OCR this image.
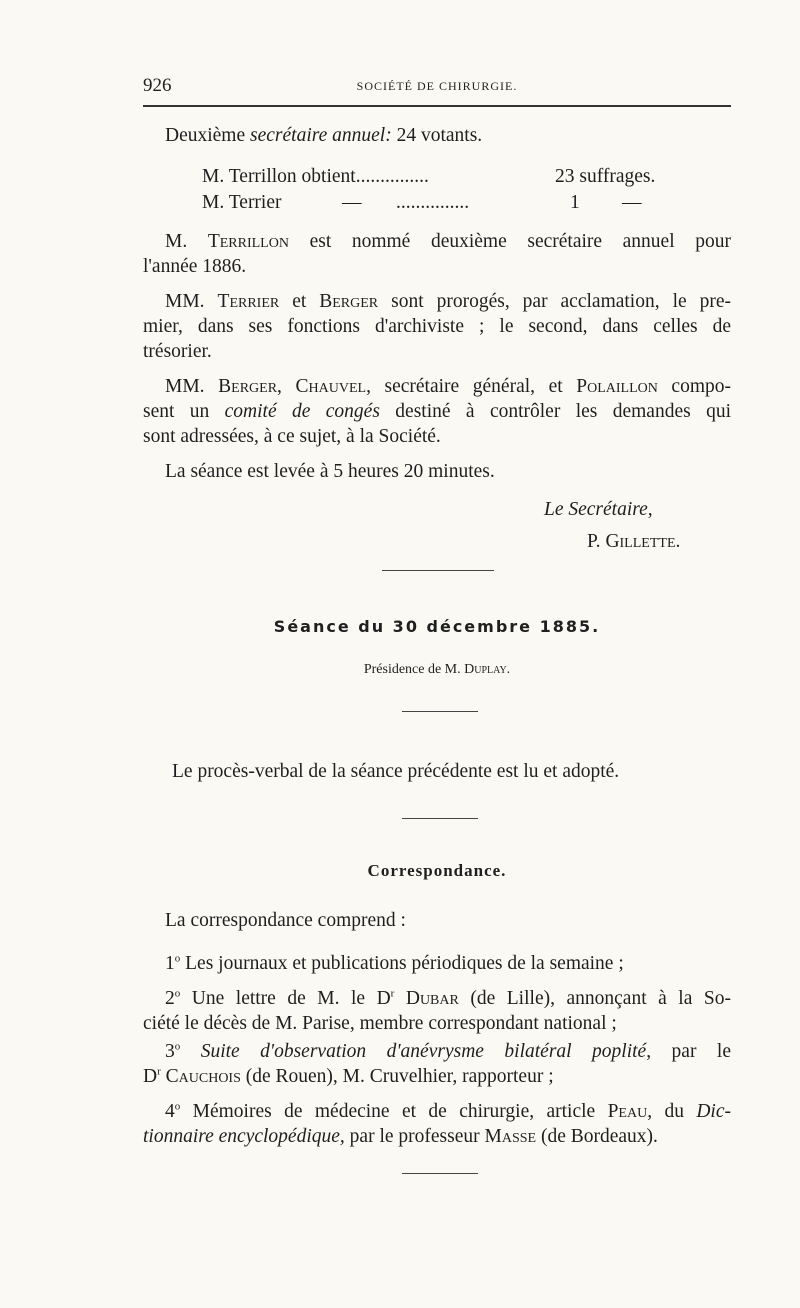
926	SOCIÉTÉ DE CHIRURGIE.
Deuxième secrétaire annuel: 24 votants.
M. Terrillon obtient...............	23 suffrages.
M. Terrier	— ...............	1 —
M. Terrillon est nommé deuxième secrétaire annuel pour
l'année 1886.
MM. Terrier et Berger sont prorogés, par acclamation, le pre-
mier, dans ses fonctions d'archiviste ; le second, dans celles de
trésorier.
MM. Berger, Chauvel, secrétaire général, et Polaillon compo-
sent un comité de congés destiné à contrôler les demandes qui
sont adressées, à ce sujet, à la Société.
La séance est levée à 5 heures 20 minutes.
Le Secrétaire,
P. Gillette.
Séance du 30 décembre 1885.
Présidence de M. Duplay.
Le procès-verbal de la séance précédente est lu et adopté.
Correspondance.
La correspondance comprend :
1$^o$ Les journaux et publications périodiques de la semaine ;
2$^o$ Une lettre de M. le $D^r$ Dubar (de Lille), annonçant à la So-
ciété le décès de M. Parise, membre correspondant national ;
3$^o$ Suite d'observation d'anévrysme bilatéral poplité, par le
$D^r$ Cauchois (de Rouen), M. Cruvelhier, rapporteur ;
4$^o$ Mémoires de médecine et de chirurgie, article Peau, du Dic-
tionnaire encyclopédique, par le professeur Masse (de Bordeaux).
